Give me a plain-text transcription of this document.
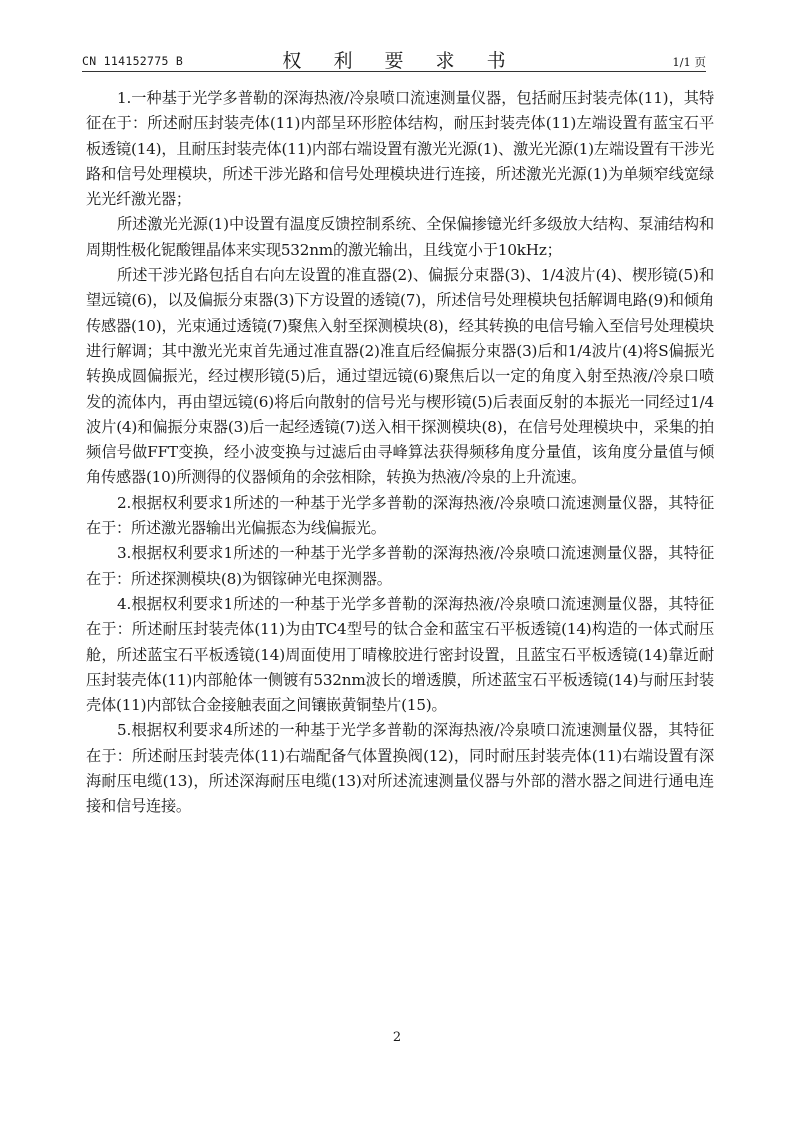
CN 114152775 B	权 利 要 求 书	1/1 页

1.一种基于光学多普勒的深海热液/冷泉喷口流速测量仪器，包括耐压封装壳体(11)，其特征在于：所述耐压封装壳体(11)内部呈环形腔体结构，耐压封装壳体(11)左端设置有蓝宝石平板透镜(14)，且耐压封装壳体(11)内部右端设置有激光光源(1)、激光光源(1)左端设置有干涉光路和信号处理模块，所述干涉光路和信号处理模块进行连接，所述激光光源(1)为单频窄线宽绿光光纤激光器；

所述激光光源(1)中设置有温度反馈控制系统、全保偏掺镱光纤多级放大结构、泵浦结构和周期性极化铌酸锂晶体来实现532nm的激光输出，且线宽小于10kHz；

所述干涉光路包括自右向左设置的准直器(2)、偏振分束器(3)、1/4波片(4)、楔形镜(5)和望远镜(6)，以及偏振分束器(3)下方设置的透镜(7)，所述信号处理模块包括解调电路(9)和倾角传感器(10)，光束通过透镜(7)聚焦入射至探测模块(8)，经其转换的电信号输入至信号处理模块进行解调；其中激光光束首先通过准直器(2)准直后经偏振分束器(3)后和1/4波片(4)将S偏振光转换成圆偏振光，经过楔形镜(5)后，通过望远镜(6)聚焦后以一定的角度入射至热液/冷泉口喷发的流体内，再由望远镜(6)将后向散射的信号光与楔形镜(5)后表面反射的本振光一同经过1/4波片(4)和偏振分束器(3)后一起经透镜(7)送入相干探测模块(8)，在信号处理模块中，采集的拍频信号做FFT变换，经小波变换与过滤后由寻峰算法获得频移角度分量值，该角度分量值与倾角传感器(10)所测得的仪器倾角的余弦相除，转换为热液/冷泉的上升流速。

2.根据权利要求1所述的一种基于光学多普勒的深海热液/冷泉喷口流速测量仪器，其特征在于：所述激光器输出光偏振态为线偏振光。

3.根据权利要求1所述的一种基于光学多普勒的深海热液/冷泉喷口流速测量仪器，其特征在于：所述探测模块(8)为铟镓砷光电探测器。

4.根据权利要求1所述的一种基于光学多普勒的深海热液/冷泉喷口流速测量仪器，其特征在于：所述耐压封装壳体(11)为由TC4型号的钛合金和蓝宝石平板透镜(14)构造的一体式耐压舱，所述蓝宝石平板透镜(14)周面使用丁晴橡胶进行密封设置，且蓝宝石平板透镜(14)靠近耐压封装壳体(11)内部舱体一侧镀有532nm波长的增透膜，所述蓝宝石平板透镜(14)与耐压封装壳体(11)内部钛合金接触表面之间镶嵌黄铜垫片(15)。

5.根据权利要求4所述的一种基于光学多普勒的深海热液/冷泉喷口流速测量仪器，其特征在于：所述耐压封装壳体(11)右端配备气体置换阀(12)，同时耐压封装壳体(11)右端设置有深海耐压电缆(13)，所述深海耐压电缆(13)对所述流速测量仪器与外部的潜水器之间进行通电连接和信号连接。

2
